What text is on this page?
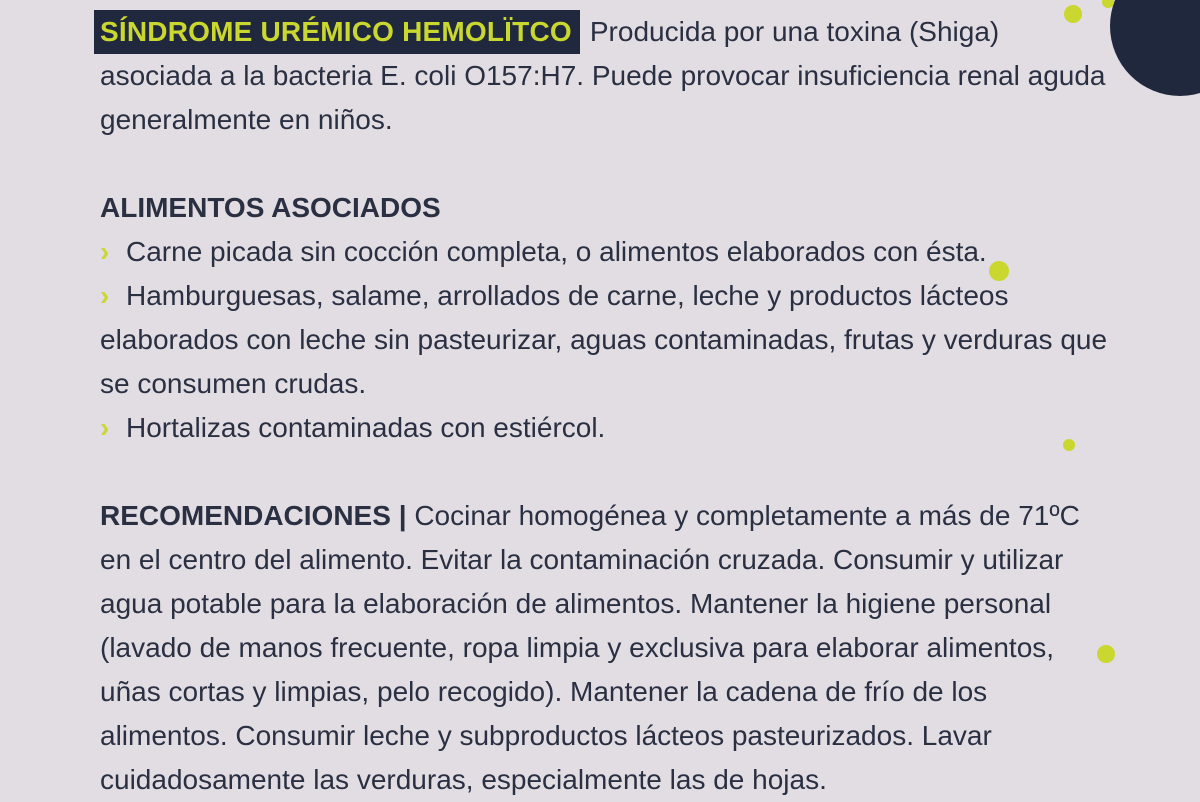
SÍNDROME URÉMICO HEMOLÏTCO Producida por una toxina (Shiga) asociada a la bacteria E. coli O157:H7. Puede provocar insuficiencia renal aguda generalmente en niños.
ALIMENTOS ASOCIADOS
› Carne picada sin cocción completa, o alimentos elaborados con ésta.
› Hamburguesas, salame, arrollados de carne, leche y productos lácteos elaborados con leche sin pasteurizar, aguas contaminadas, frutas y verduras que se consumen crudas.
› Hortalizas contaminadas con estiércol.
RECOMENDACIONES | Cocinar homogénea y completamente a más de 71ºC en el centro del alimento. Evitar la contaminación cruzada. Consumir y utilizar agua potable para la elaboración de alimentos. Mantener la higiene personal (lavado de manos frecuente, ropa limpia y exclusiva para elaborar alimentos, uñas cortas y limpias, pelo recogido). Mantener la cadena de frío de los alimentos. Consumir leche y subproductos lácteos pasteurizados. Lavar cuidadosamente las verduras, especialmente las de hojas.
